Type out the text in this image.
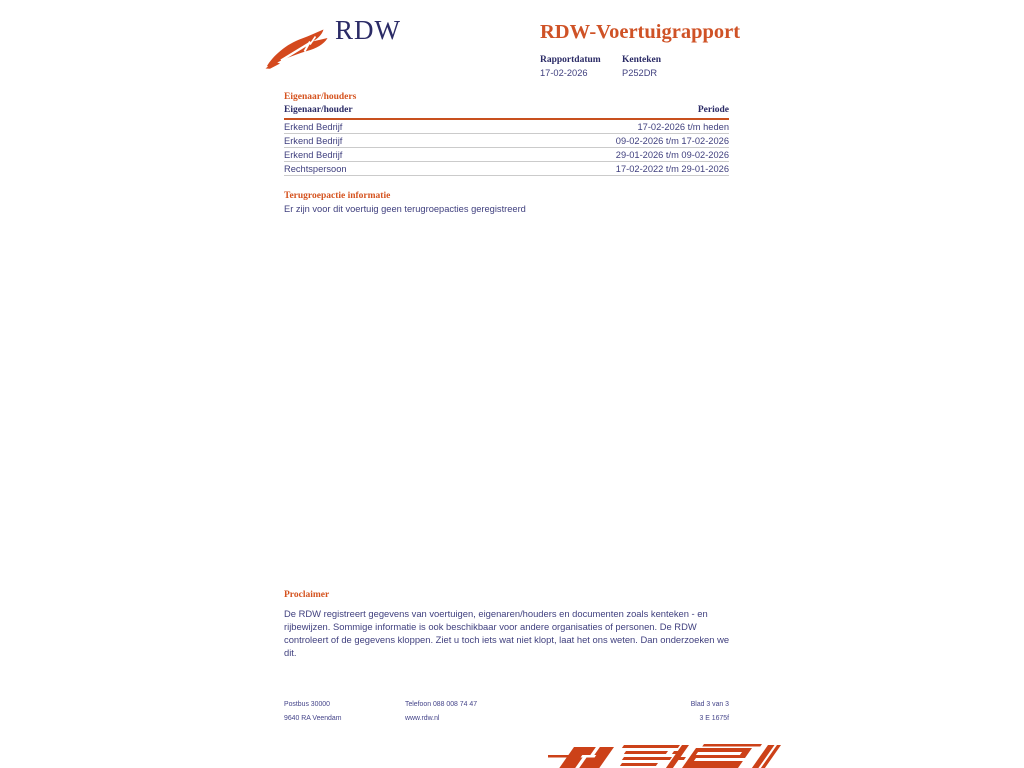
RDW	RDW-Voertuigrapport
Rapportdatum
17-02-2026
Kenteken
P252DR
Eigenaar/houders
Eigenaar/houder	Periode
Erkend Bedrijf	17-02-2026 t/m heden
Erkend Bedrijf	09-02-2026 t/m 17-02-2026
Erkend Bedrijf	29-01-2026 t/m 09-02-2026
Rechtspersoon	17-02-2022 t/m 29-01-2026
Terugroepactie informatie
Er zijn voor dit voertuig geen terugroepacties geregistreerd
Proclaimer
De RDW registreert gegevens van voertuigen, eigenaren/houders en documenten zoals kenteken - en rijbewijzen. Sommige informatie is ook beschikbaar voor andere organisaties of personen. De RDW controleert of de gegevens kloppen. Ziet u toch iets wat niet klopt, laat het ons weten. Dan onderzoeken we dit.
Postbus 30000
9640 RA Veendam
Telefoon 088 008 74 47
www.rdw.nl
Blad 3 van 3
3 E 1675f
